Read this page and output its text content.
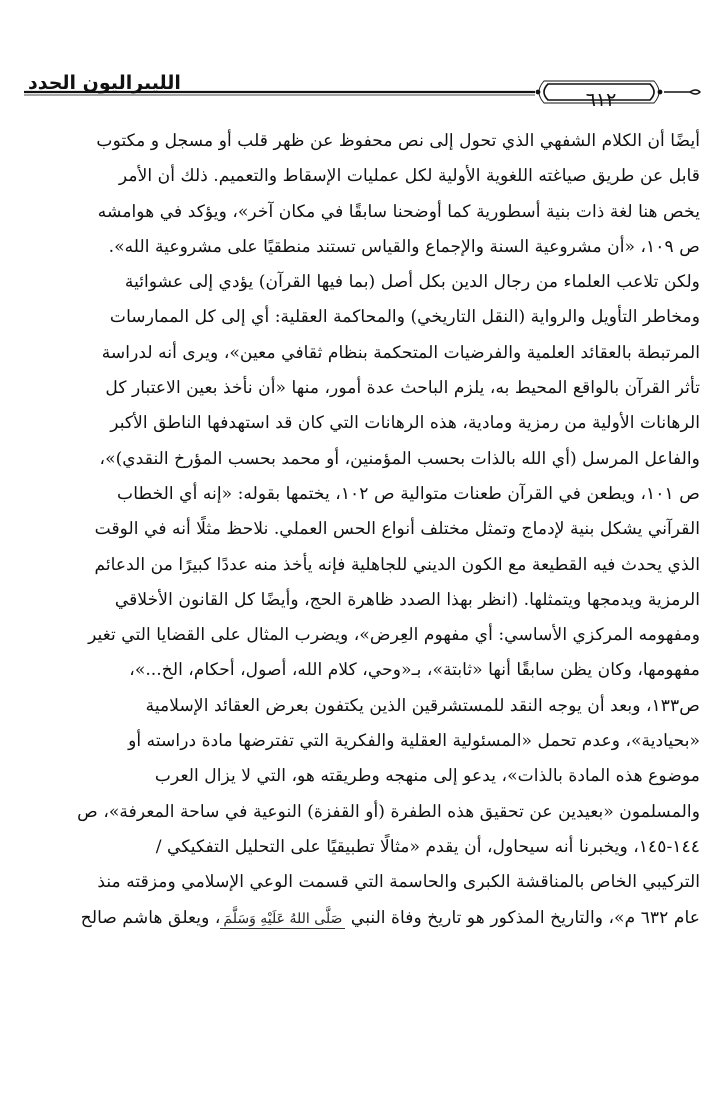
الليبراليون الجدد
٦١٢

أيضًا أن الكلام الشفهي الذي تحول إلى نص محفوظ عن ظهر قلب أو مسجل و مكتوب
قابل عن طريق صياغته اللغوية الأولية لكل عمليات الإسقاط والتعميم. ذلك أن الأمر
يخص هنا لغة ذات بنية أسطورية كما أوضحنا سابقًا في مكان آخر»، ويؤكد في هوامشه
ص ١٠٩، «أن مشروعية السنة والإجماع والقياس تستند منطقيًا على مشروعية الله».
ولكن تلاعب العلماء من رجال الدين بكل أصل (بما فيها القرآن) يؤدي إلى عشوائية
ومخاطر التأويل والرواية (النقل التاريخي) والمحاكمة العقلية: أي إلى كل الممارسات
المرتبطة بالعقائد العلمية والفرضيات المتحكمة بنظام ثقافي معين»، ويرى أنه لدراسة
تأثر القرآن بالواقع المحيط به، يلزم الباحث عدة أمور، منها «أن نأخذ بعين الاعتبار كل
الرهانات الأولية من رمزية ومادية، هذه الرهانات التي كان قد استهدفها الناطق الأكبر
والفاعل المرسل (أي الله بالذات بحسب المؤمنين، أو محمد بحسب المؤرخ النقدي)»،
ص ١٠١، ويطعن في القرآن طعنات متوالية ص ١٠٢، يختمها بقوله: «إنه أي الخطاب
القرآني يشكل بنية لإدماج وتمثل مختلف أنواع الحس العملي. نلاحظ مثلًا أنه في الوقت
الذي يحدث فيه القطيعة مع الكون الديني للجاهلية فإنه يأخذ منه عددًا كبيرًا من الدعائم
الرمزية ويدمجها ويتمثلها. (انظر بهذا الصدد ظاهرة الحج، وأيضًا كل القانون الأخلاقي
ومفهومه المركزي الأساسي: أي مفهوم العِرض»، ويضرب المثال على القضايا التي تغير
مفهومها، وكان يظن سابقًا أنها «ثابتة»، بـ«وحي، كلام الله، أصول، أحكام، الخ...»،
ص١٣٣، وبعد أن يوجه النقد للمستشرقين الذين يكتفون بعرض العقائد الإسلامية
«بحيادية»، وعدم تحمل «المسئولية العقلية والفكرية التي تفترضها مادة دراسته أو
موضوع هذه المادة بالذات»، يدعو إلى منهجه وطريقته هو، التي لا يزال العرب
والمسلمون «بعيدين عن تحقيق هذه الطفرة (أو القفزة) النوعية في ساحة المعرفة»، ص
١٤٤-١٤٥، ويخبرنا أنه سيحاول، أن يقدم «مثالًا تطبيقيًا على التحليل التفكيكي /
التركيبي الخاص بالمناقشة الكبرى والحاسمة التي قسمت الوعي الإسلامي ومزقته منذ
عام ٦٣٢ م»، والتاريخ المذكور هو تاريخ وفاة النبي صَلَّى اللهُ عَلَيْهِ وَسَلَّمَ، ويعلق هاشم صالح
